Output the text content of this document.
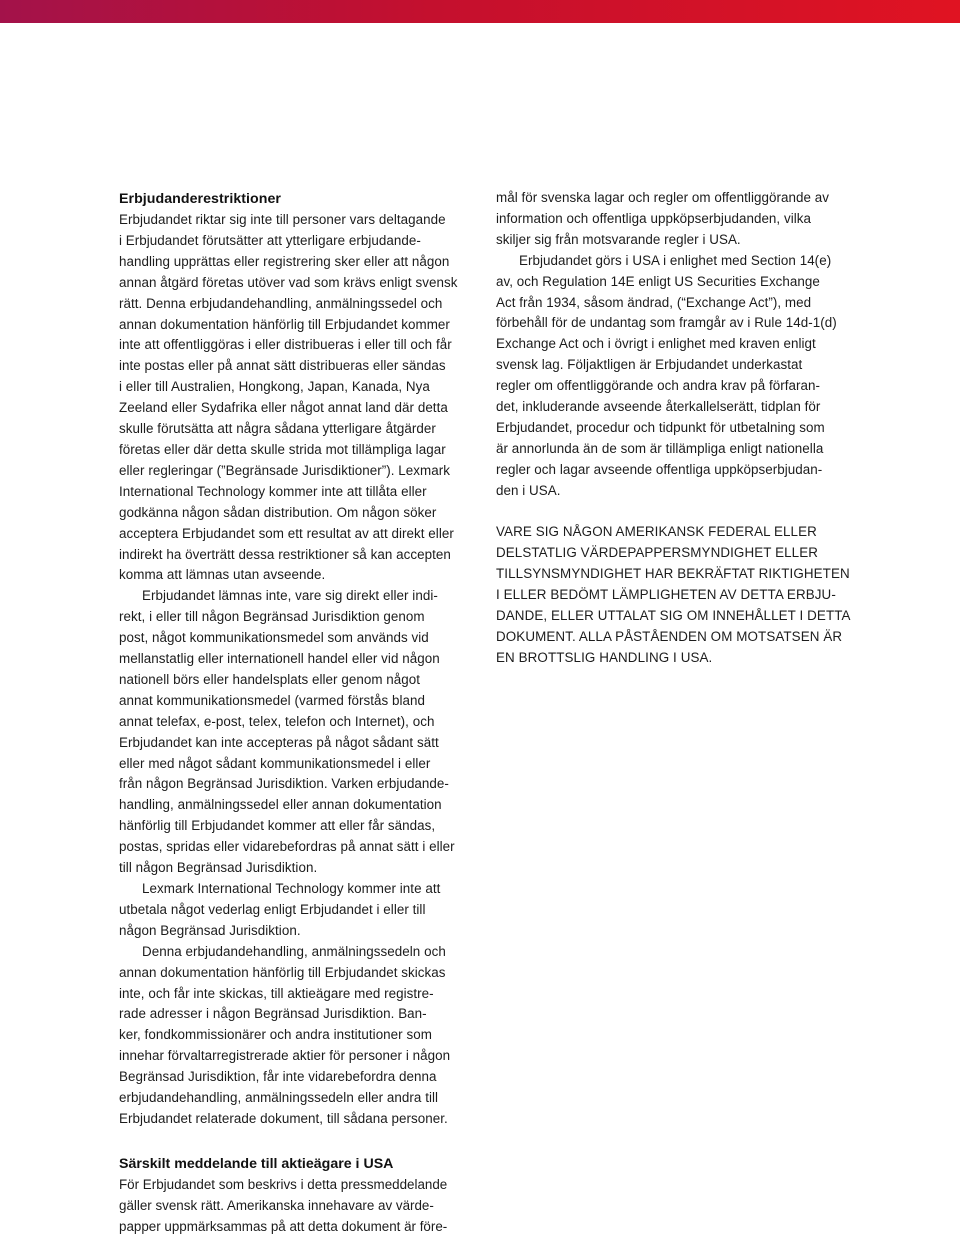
Erbjudanderestriktioner
Erbjudandet riktar sig inte till personer vars deltagande
i Erbjudandet förutsätter att ytterligare erbjudande-
handling upprättas eller registrering sker eller att någon
annan åtgärd företas utöver vad som krävs enligt svensk
rätt. Denna erbjudandehandling, anmälningssedel och
annan dokumentation hänförlig till Erbjudandet kommer
inte att offentliggöras i eller distribueras i eller till och får
inte postas eller på annat sätt distribueras eller sändas
i eller till Australien, Hongkong, Japan, Kanada, Nya
Zeeland eller Sydafrika eller något annat land där detta
skulle förutsätta att några sådana ytterligare åtgärder
företas eller där detta skulle strida mot tillämpliga lagar
eller regleringar (”Begränsade Jurisdiktioner”). Lexmark
International Technology kommer inte att tillåta eller
godkänna någon sådan distribution. Om någon söker
acceptera Erbjudandet som ett resultat av att direkt eller
indirekt ha överträtt dessa restriktioner så kan accepten
komma att lämnas utan avseende.
Erbjudandet lämnas inte, vare sig direkt eller indi-
rekt, i eller till någon Begränsad Jurisdiktion genom
post, något kommunikationsmedel som används vid
mellanstatlig eller internationell handel eller vid någon
nationell börs eller handelsplats eller genom något
annat kommunikationsmedel (varmed förstås bland
annat telefax, e-post, telex, telefon och Internet), och
Erbjudandet kan inte accepteras på något sådant sätt
eller med något sådant kommunikationsmedel i eller
från någon Begränsad Jurisdiktion. Varken erbjudande-
handling, anmälningssedel eller annan dokumentation
hänförlig till Erbjudandet kommer att eller får sändas,
postas, spridas eller vidarebefordras på annat sätt i eller
till någon Begränsad Jurisdiktion.
Lexmark International Technology kommer inte att
utbetala något vederlag enligt Erbjudandet i eller till
någon Begränsad Jurisdiktion.
Denna erbjudandehandling, anmälningssedeln och
annan dokumentation hänförlig till Erbjudandet skickas
inte, och får inte skickas, till aktieägare med registre-
rade adresser i någon Begränsad Jurisdiktion. Ban-
ker, fondkommissionärer och andra institutioner som
innehar förvaltarregistrerade aktier för personer i någon
Begränsad Jurisdiktion, får inte vidarebefordra denna
erbjudandehandling, anmälningssedeln eller andra till
Erbjudandet relaterade dokument, till sådana personer.
Särskilt meddelande till aktieägare i USA
För Erbjudandet som beskrivs i detta pressmeddelande
gäller svensk rätt. Amerikanska innehavare av värde-
papper uppmärksammas på att detta dokument är före-
mål för svenska lagar och regler om offentliggörande av
information och offentliga uppköpserbjudanden, vilka
skiljer sig från motsvarande regler i USA.
Erbjudandet görs i USA i enlighet med Section 14(e)
av, och Regulation 14E enligt US Securities Exchange
Act från 1934, såsom ändrad, (“Exchange Act”), med
förbehåll för de undantag som framgår av i Rule 14d-1(d)
Exchange Act och i övrigt i enlighet med kraven enligt
svensk lag. Följaktligen är Erbjudandet underkastat
regler om offentliggörande och andra krav på förfaran-
det, inkluderande avseende återkallelserätt, tidplan för
Erbjudandet, procedur och tidpunkt för utbetalning som
är annorlunda än de som är tillämpliga enligt nationella
regler och lagar avseende offentliga uppköpserbjudan-
den i USA.
VARE SIG NÅGON AMERIKANSK FEDERAL ELLER
DELSTATLIG VÄRDEPAPPERSMYNDIGHET ELLER
TILLSYNSMYNDIGHET HAR BEKRÄFTAT RIKTIGHETEN
I ELLER BEDÖMT LÄMPLIGHETEN AV DETTA ERBJU-
DANDE, ELLER UTTALAT SIG OM INNEHÅLLET I DETTA
DOKUMENT. ALLA PÅSTÅENDEN OM MOTSATSEN ÄR
EN BROTTSLIG HANDLING I USA.
